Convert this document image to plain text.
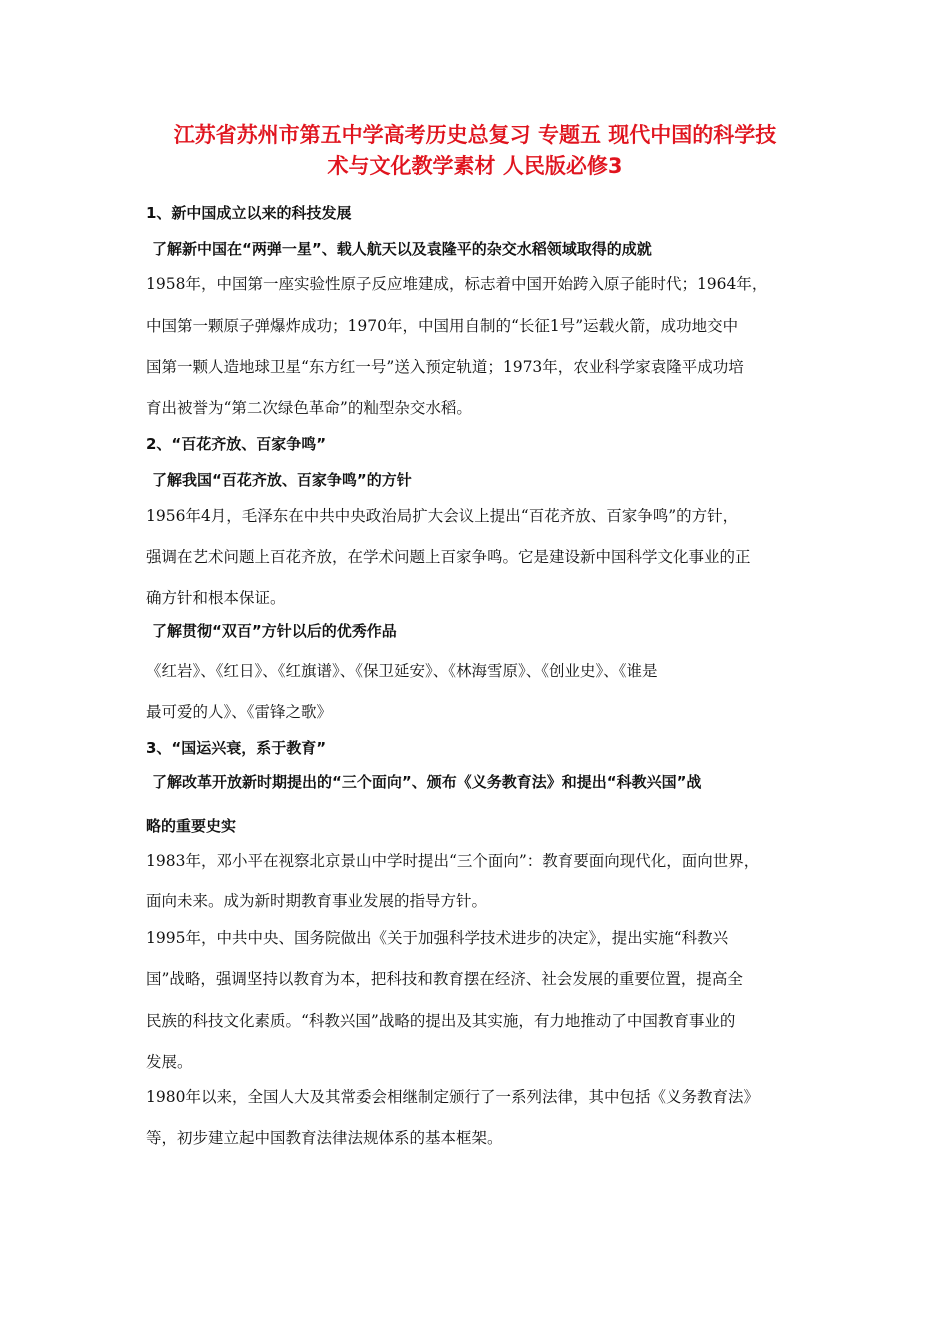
江苏省苏州市第五中学高考历史总复习 专题五 现代中国的科学技

术与文化教学素材 人民版必修3

1、新中国成立以来的科技发展

了解新中国在“两弹一星”、载人航天以及袁隆平的杂交水稻领域取得的成就

1958年，中国第一座实验性原子反应堆建成，标志着中国开始跨入原子能时代；1964年，

中国第一颗原子弹爆炸成功；1970年，中国用自制的“长征1号”运载火箭，成功地交中

国第一颗人造地球卫星“东方红一号”送入预定轨道；1973年，农业科学家袁隆平成功培

育出被誉为“第二次绿色革命”的籼型杂交水稻。

2、“百花齐放、百家争鸣”

了解我国“百花齐放、百家争鸣”的方针

1956年4月，毛泽东在中共中央政治局扩大会议上提出“百花齐放、百家争鸣”的方针，

强调在艺术问题上百花齐放，在学术问题上百家争鸣。它是建设新中国科学文化事业的正

确方针和根本保证。

了解贯彻“双百”方针以后的优秀作品

《红岩》、《红日》、《红旗谱》、《保卫延安》、《林海雪原》、《创业史》、《谁是

最可爱的人》、《雷锋之歌》

3、“国运兴衰，系于教育”

了解改革开放新时期提出的“三个面向”、颁布《义务教育法》和提出“科教兴国”战

略的重要史实

1983年，邓小平在视察北京景山中学时提出“三个面向”：教育要面向现代化，面向世界，

面向未来。成为新时期教育事业发展的指导方针。

1995年，中共中央、国务院做出《关于加强科学技术进步的决定》，提出实施“科教兴

国”战略，强调坚持以教育为本，把科技和教育摆在经济、社会发展的重要位置，提高全

民族的科技文化素质。“科教兴国”战略的提出及其实施，有力地推动了中国教育事业的

发展。

1980年以来，全国人大及其常委会相继制定颁行了一系列法律，其中包括《义务教育法》

等，初步建立起中国教育法律法规体系的基本框架。
